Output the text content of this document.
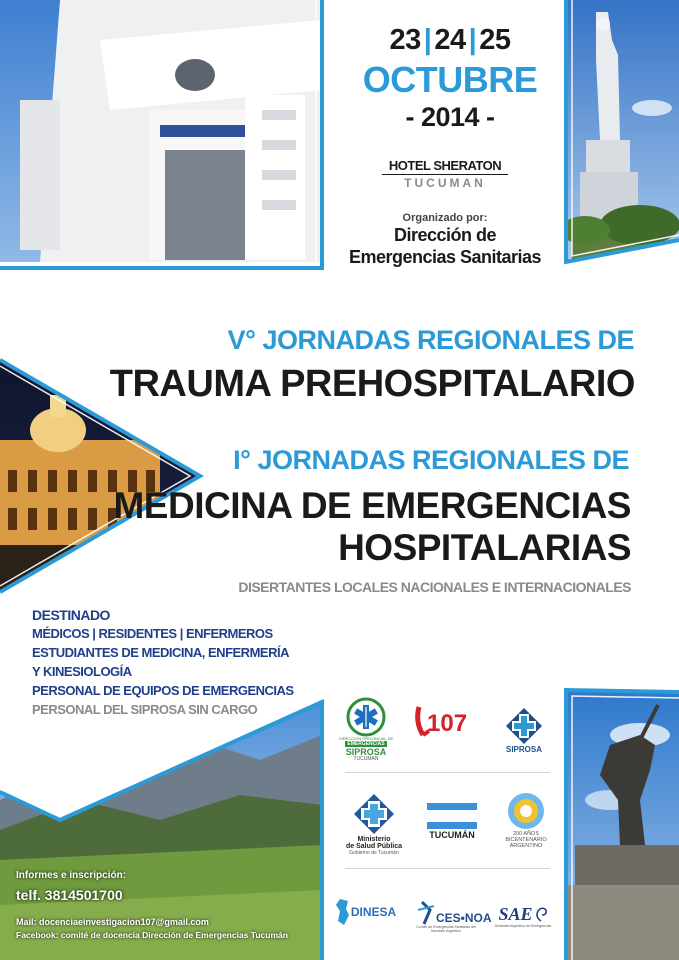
23 | 24 | 25
OCTUBRE
- 2014 -
HOTEL SHERATON
TUCUMAN
Organizado por:
Dirección de
Emergencias Sanitarias
V° JORNADAS REGIONALES DE
TRAUMA PREHOSPITALARIO
I° JORNADAS REGIONALES DE
MEDICINA DE EMERGENCIAS
HOSPITALARIAS
DISERTANTES LOCALES NACIONALES E INTERNACIONALES
DESTINADO
MÉDICOS | RESIDENTES | ENFERMEROS
ESTUDIANTES DE MEDICINA, ENFERMERÍA
Y KINESIOLOGÍA
PERSONAL DE EQUIPOS DE EMERGENCIAS
PERSONAL DEL SIPROSA SIN CARGO
Informes e inscripción:
telf. 3814501700
Mail: docenciaeinvestigacion107@gmail.com
Facebook: comité de docencia Dirección de Emergencias Tucumán
DIRECCION PROVINCIAL DE
EMERGENCIAS
SIPROSA
TUCUMAN
107
SIPROSA
Ministerio
de Salud Pública
Gobierno de Tucumán
TUCUMÁN	200 AÑOS
BICENTENARIO
ARGENTINO
DINESA	CES•NOA
Comité de Emergencias Sanitarias del Noroeste Argentino
SAE
Sociedad Argentina de Emergencias
